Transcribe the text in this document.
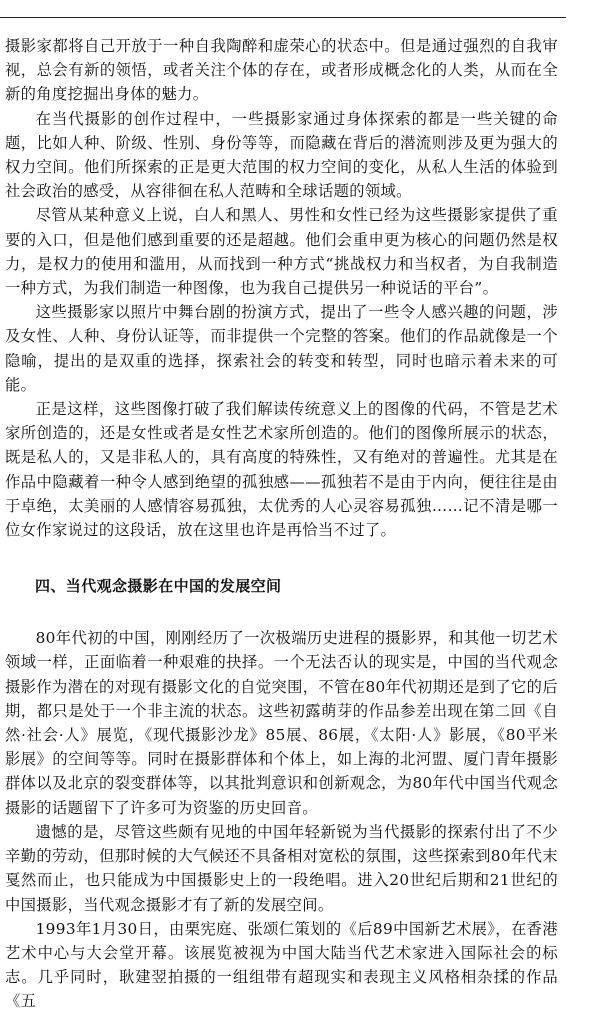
摄影家都将自己开放于一种自我陶醉和虚荣心的状态中。但是通过强烈的自我审视，总会有新的领悟，或者关注个体的存在，或者形成概念化的人类，从而在全新的角度挖掘出身体的魅力。

在当代摄影的创作过程中，一些摄影家通过身体探索的都是一些关键的命题，比如人种、阶级、性别、身份等等，而隐藏在背后的潜流则涉及更为强大的权力空间。他们所探索的正是更大范围的权力空间的变化，从私人生活的体验到社会政治的感受，从容徘徊在私人范畴和全球话题的领域。

尽管从某种意义上说，白人和黑人、男性和女性已经为这些摄影家提供了重要的入口，但是他们感到重要的还是超越。他们会重申更为核心的问题仍然是权力，是权力的使用和滥用，从而找到一种方式“挑战权力和当权者，为自我制造一种方式，为我们制造一种图像，也为我自己提供另一种说话的平台”。

这些摄影家以照片中舞台剧的扮演方式，提出了一些令人感兴趣的问题，涉及女性、人种、身份认证等，而非提供一个完整的答案。他们的作品就像是一个隐喻，提出的是双重的选择，探索社会的转变和转型，同时也暗示着未来的可能。

正是这样，这些图像打破了我们解读传统意义上的图像的代码，不管是艺术家所创造的，还是女性或者是女性艺术家所创造的。他们的图像所展示的状态，既是私人的，又是非私人的，具有高度的特殊性，又有绝对的普遍性。尤其是在作品中隐藏着一种令人感到绝望的孤独感——孤独若不是由于内向，便往往是由于卓绝，太美丽的人感情容易孤独，太优秀的人心灵容易孤独……记不清是哪一位女作家说过的这段话，放在这里也许是再恰当不过了。

四、当代观念摄影在中国的发展空间

80年代初的中国，刚刚经历了一次极端历史进程的摄影界，和其他一切艺术领域一样，正面临着一种艰难的抉择。一个无法否认的现实是，中国的当代观念摄影作为潜在的对现有摄影文化的自觉突围，不管在80年代初期还是到了它的后期，都只是处于一个非主流的状态。这些初露萌芽的作品参差出现在第二回《自然·社会·人》展览，《现代摄影沙龙》85展、86展，《太阳·人》影展，《80平米影展》的空间等等。同时在摄影群体和个体上，如上海的北河盟、厦门青年摄影群体以及北京的裂变群体等，以其批判意识和创新观念，为80年代中国当代观念摄影的话题留下了许多可为资鉴的历史回音。

遗憾的是，尽管这些颇有见地的中国年轻新锐为当代摄影的探索付出了不少辛勤的劳动，但那时候的大气候还不具备相对宽松的氛围，这些探索到80年代末戛然而止，也只能成为中国摄影史上的一段绝唱。进入20世纪后期和21世纪的中国摄影，当代观念摄影才有了新的发展空间。

1993年1月30日，由栗宪庭、张颂仁策划的《后89中国新艺术展》，在香港艺术中心与大会堂开幕。该展览被视为中国大陆当代艺术家进入国际社会的标志。几乎同时，耿建翌拍摄的一组组带有超现实和表现主义风格相杂揉的作品《五
